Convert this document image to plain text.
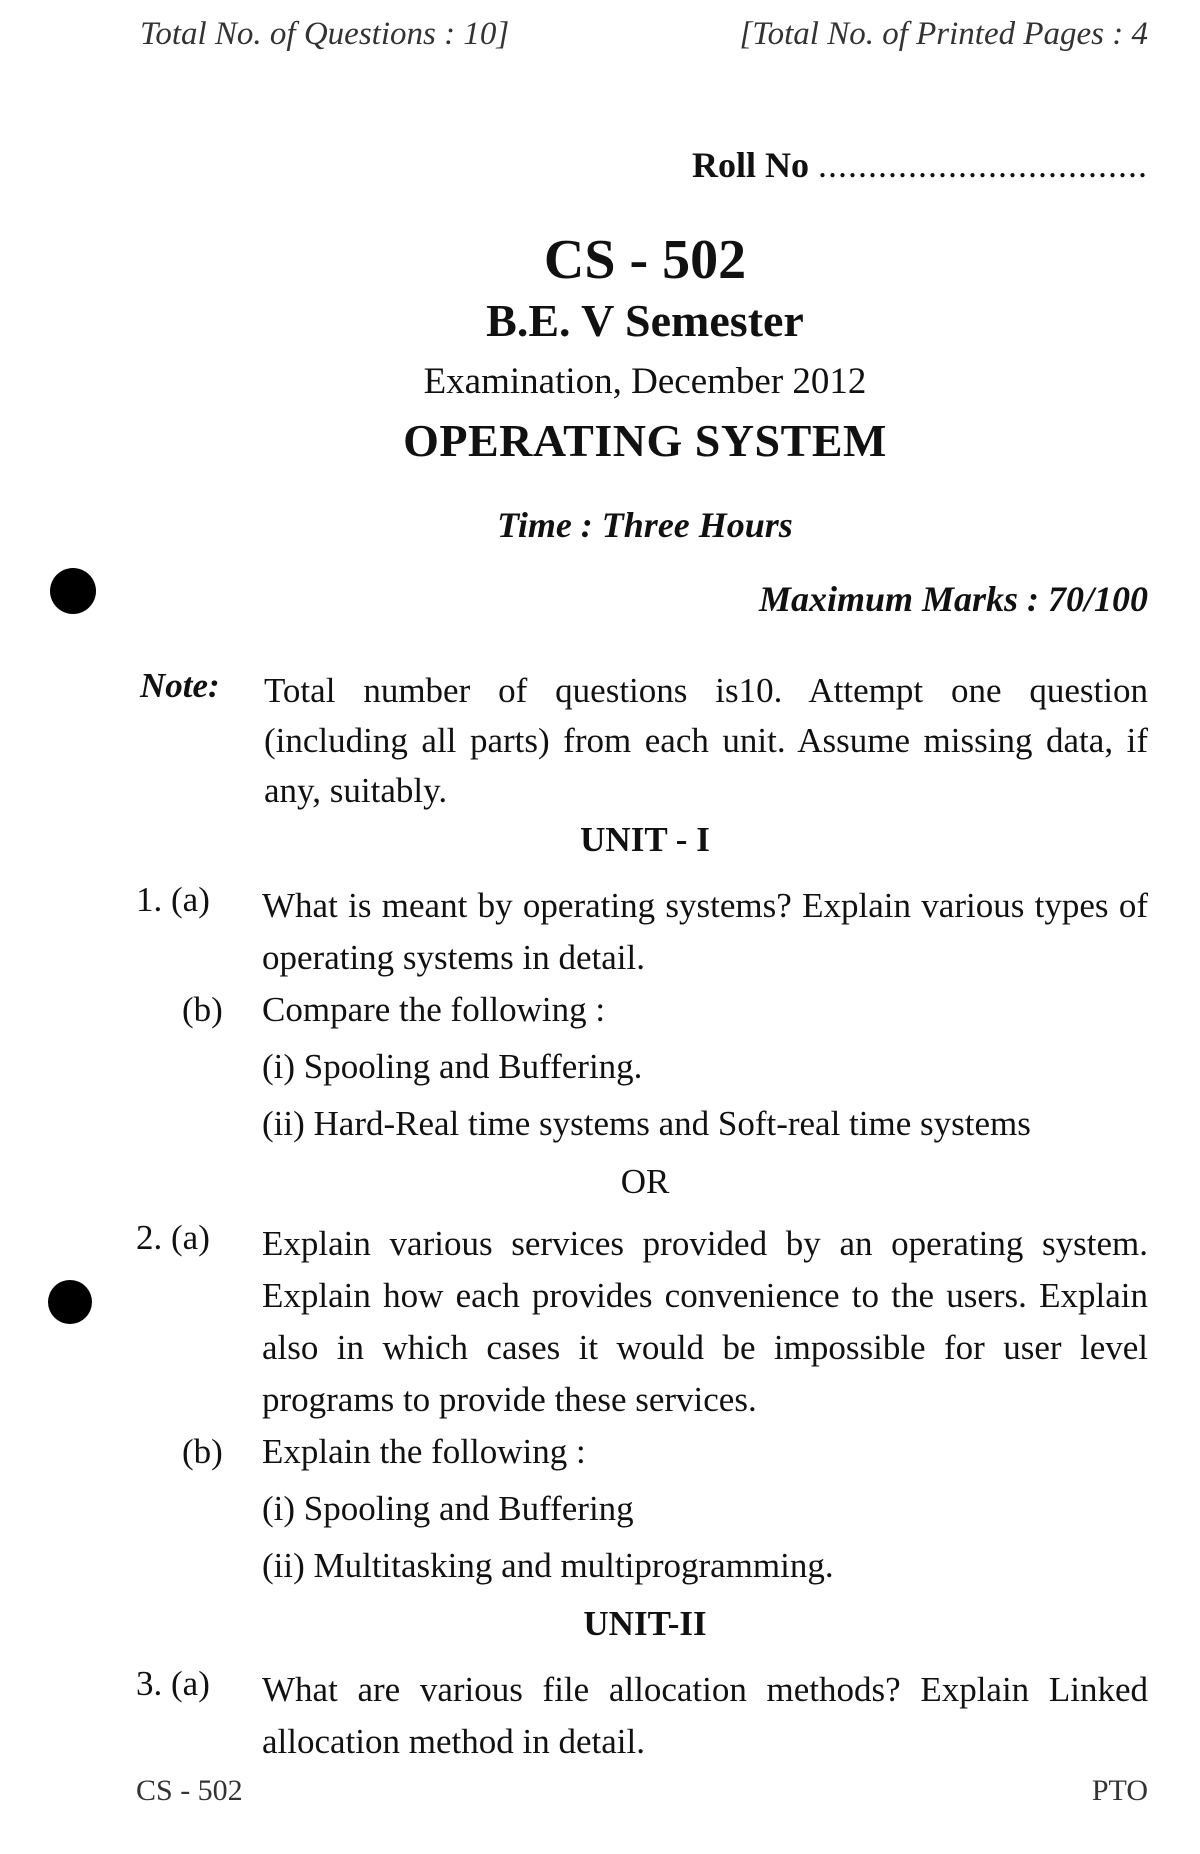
Total No. of Questions : 10]	[Total No. of Printed Pages : 4
Roll No .................................
CS - 502
B.E. V Semester
Examination, December 2012
OPERATING SYSTEM
Time : Three Hours
Maximum Marks : 70/100
Note: Total number of questions is10. Attempt one question (including all parts) from each unit. Assume missing data, if any, suitably.
UNIT - I
1. (a) What is meant by operating systems? Explain various types of operating systems in detail.
(b) Compare the following :
(i) Spooling and Buffering.
(ii) Hard-Real time systems and Soft-real time systems
OR
2. (a) Explain various services provided by an operating system. Explain how each provides convenience to the users. Explain also in which cases it would be impossible for user level programs to provide these services.
(b) Explain the following :
(i) Spooling and Buffering
(ii) Multitasking and multiprogramming.
UNIT-II
3. (a) What are various file allocation methods? Explain Linked allocation method in detail.
CS - 502	PTO
